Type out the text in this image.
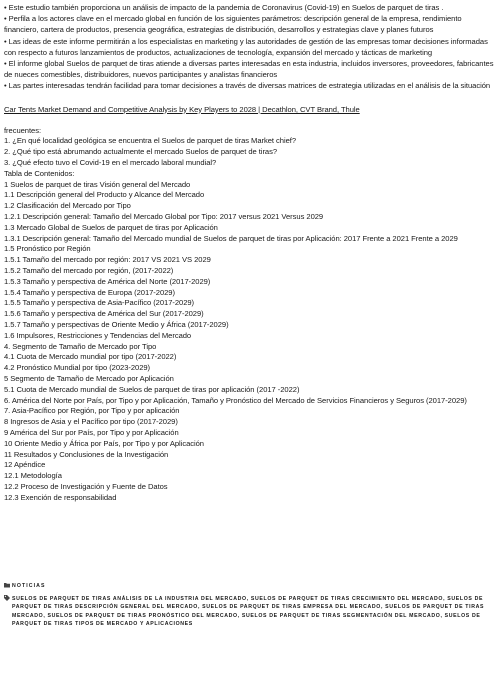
• Este estudio también proporciona un análisis de impacto de la pandemia de Coronavirus (Covid-19) en Suelos de parquet de tiras .

• Perfila a los actores clave en el mercado global en función de los siguientes parámetros: descripción general de la empresa, rendimiento financiero, cartera de productos, presencia geográfica, estrategias de distribución, desarrollos y estrategias clave y planes futuros

• Las ideas de este informe permitirán a los especialistas en marketing y las autoridades de gestión de las empresas tomar decisiones informadas con respecto a futuros lanzamientos de productos, actualizaciones de tecnología, expansión del mercado y tácticas de marketing

• El informe global Suelos de parquet de tiras atiende a diversas partes interesadas en esta industria, incluidos inversores, proveedores, fabricantes de nueces comestibles, distribuidores, nuevos participantes y analistas financieros

• Las partes interesadas tendrán facilidad para tomar decisiones a través de diversas matrices de estrategia utilizadas en el análisis de la situación

Car Tents Market Demand and Competitive Analysis by Key Players to 2028 | Decathlon, CVT Brand, Thule

frecuentes:

1. ¿En qué localidad geológica se encuentra el Suelos de parquet de tiras Market chief?

2. ¿Qué tipo está abrumando actualmente el mercado Suelos de parquet de tiras?

3. ¿Qué efecto tuvo el Covid-19 en el mercado laboral mundial?

Tabla de Contenidos:

1 Suelos de parquet de tiras Visión general del Mercado

1.1 Descripción general del Producto y Alcance del Mercado

1.2 Clasificación del Mercado por Tipo

1.2.1 Descripción general: Tamaño del Mercado Global por Tipo: 2017 versus 2021 Versus 2029

1.3 Mercado Global de Suelos de parquet de tiras por Aplicación

1.3.1 Descripción general: Tamaño del Mercado mundial de Suelos de parquet de tiras por Aplicación: 2017 Frente a 2021 Frente a 2029

1.5 Pronóstico por Región

1.5.1 Tamaño del mercado por región: 2017 VS 2021 VS 2029

1.5.2 Tamaño del mercado por región, (2017-2022)

1.5.3 Tamaño y perspectiva de América del Norte (2017-2029)

1.5.4 Tamaño y perspectiva de Europa (2017-2029)

1.5.5 Tamaño y perspectiva de Asia-Pacífico (2017-2029)

1.5.6 Tamaño y perspectiva de América del Sur (2017-2029)

1.5.7 Tamaño y perspectivas de Oriente Medio y África (2017-2029)

1.6 Impulsores, Restricciones y Tendencias del Mercado

4. Segmento de Tamaño de Mercado por Tipo

4.1 Cuota de Mercado mundial por tipo (2017-2022)

4.2 Pronóstico Mundial por tipo (2023-2029)

5 Segmento de Tamaño de Mercado por Aplicación

5.1 Cuota de Mercado mundial de Suelos de parquet de tiras por aplicación (2017 -2022)

6. América del Norte por País, por Tipo y por Aplicación, Tamaño y Pronóstico del Mercado de Servicios Financieros y Seguros (2017-2029)

7. Asia-Pacífico por Región, por Tipo y por aplicación

8 Ingresos de Asia y el Pacífico por tipo (2017-2029)

9 América del Sur por País, por Tipo y por Aplicación

10 Oriente Medio y África por País, por Tipo y por Aplicación

11 Resultados y Conclusiones de la Investigación

12 Apéndice

12.1 Metodología

12.2 Proceso de Investigación y Fuente de Datos

12.3 Exención de responsabilidad

NOTICIAS

SUELOS DE PARQUET DE TIRAS ANÁLISIS DE LA INDUSTRIA DEL MERCADO, SUELOS DE PARQUET DE TIRAS CRECIMIENTO DEL MERCADO, SUELOS DE PARQUET DE TIRAS DESCRIPCIÓN GENERAL DEL MERCADO, SUELOS DE PARQUET DE TIRAS EMPRESA DEL MERCADO, SUELOS DE PARQUET DE TIRAS MERCADO, SUELOS DE PARQUET DE TIRAS PRONÓSTICO DEL MERCADO, SUELOS DE PARQUET DE TIRAS SEGMENTACIÓN DEL MERCADO, SUELOS DE PARQUET DE TIRAS TIPOS DE MERCADO Y APLICACIONES
